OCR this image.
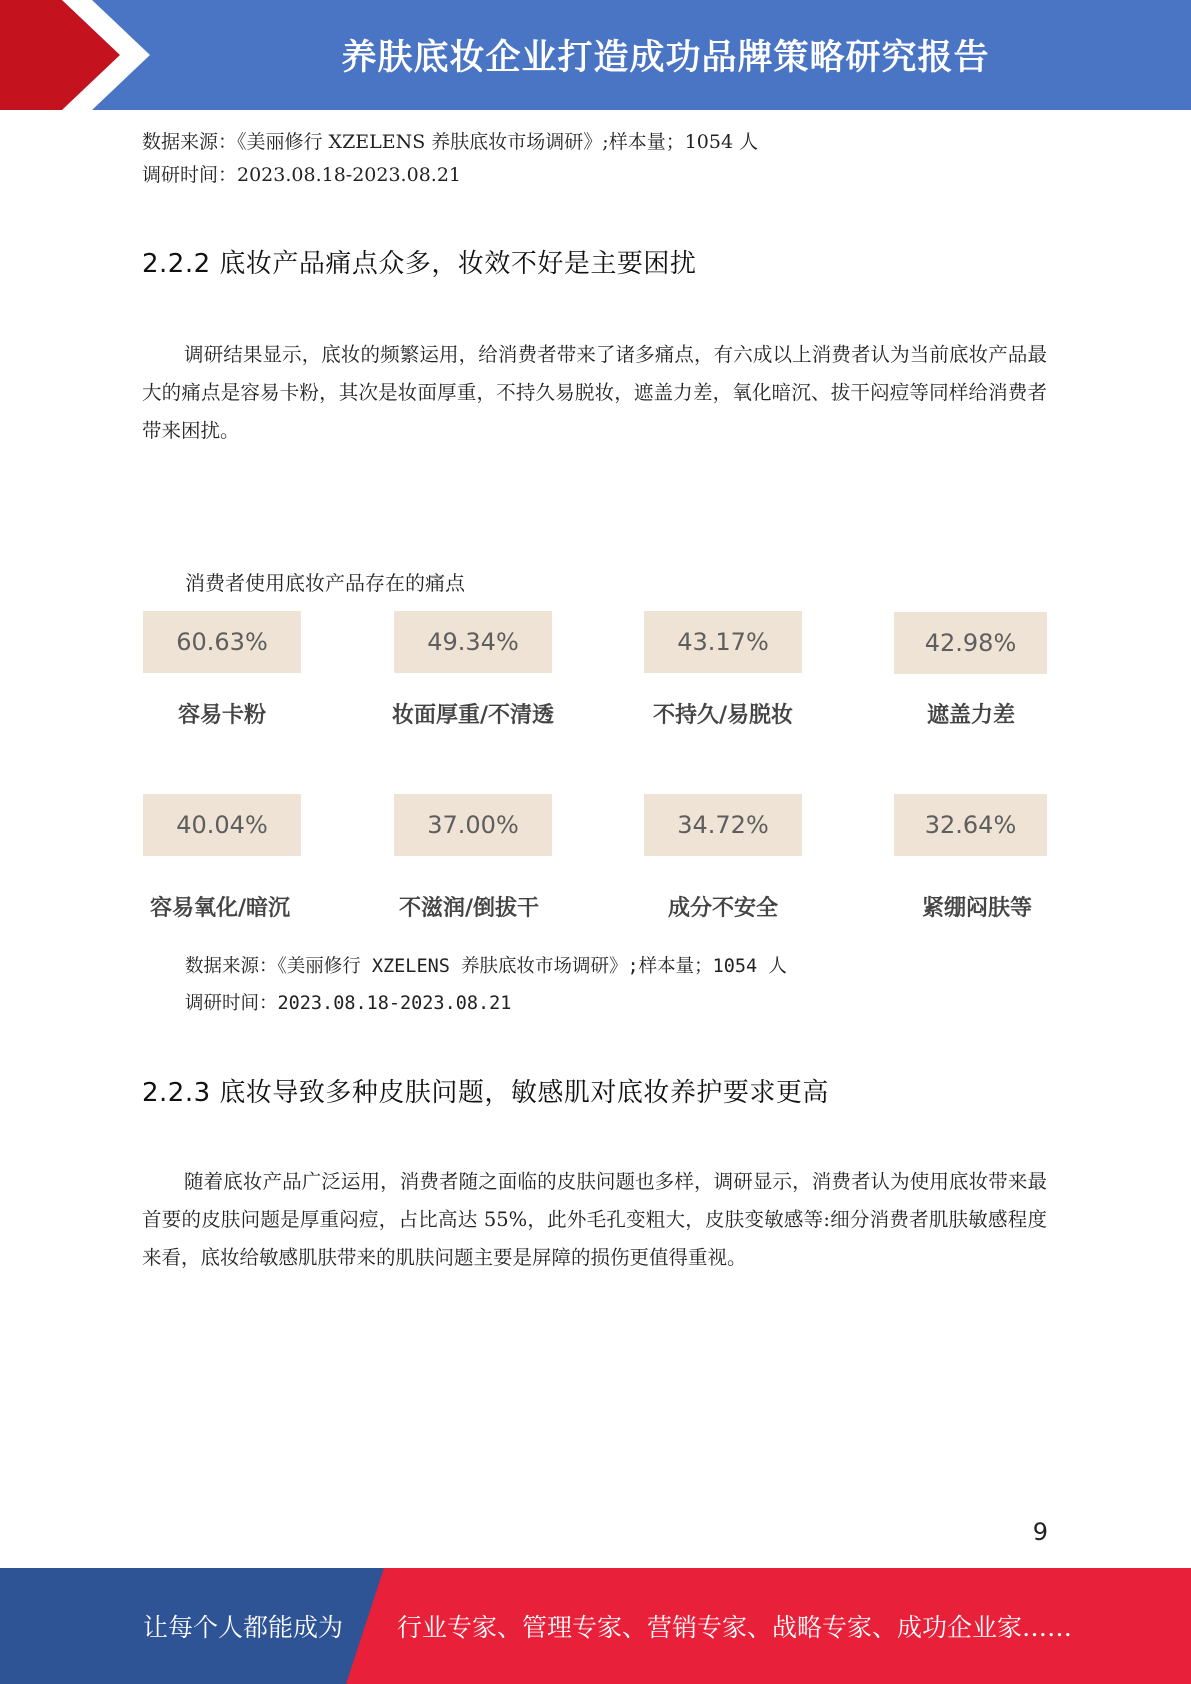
养肤底妆企业打造成功品牌策略研究报告
数据来源：《美丽修行 XZELENS 养肤底妆市场调研》;样本量；1054 人
调研时间：2023.08.18-2023.08.21
2.2.2 底妆产品痛点众多，妆效不好是主要困扰
调研结果显示，底妆的频繁运用，给消费者带来了诸多痛点，有六成以上消费者认为当前底妆产品最大的痛点是容易卡粉，其次是妆面厚重，不持久易脱妆，遮盖力差，氧化暗沉、拔干闷痘等同样给消费者带来困扰。
消费者使用底妆产品存在的痛点
60.63%
容易卡粉
49.34%
妆面厚重/不清透
43.17%
不持久/易脱妆
42.98%
遮盖力差
40.04%
容易氧化/暗沉
37.00%
不滋润/倒拔干
34.72%
成分不安全
32.64%
紧绷闷肤等
数据来源：《美丽修行 XZELENS 养肤底妆市场调研》;样本量；1054 人
调研时间：2023.08.18-2023.08.21
2.2.3 底妆导致多种皮肤问题，敏感肌对底妆养护要求更高
随着底妆产品广泛运用，消费者随之面临的皮肤问题也多样，调研显示，消费者认为使用底妆带来最首要的皮肤问题是厚重闷痘，占比高达 55%，此外毛孔变粗大，皮肤变敏感等:细分消费者肌肤敏感程度来看，底妆给敏感肌肤带来的肌肤问题主要是屏障的损伤更值得重视。
9
让每个人都能成为 行业专家、管理专家、营销专家、战略专家、成功企业家……
